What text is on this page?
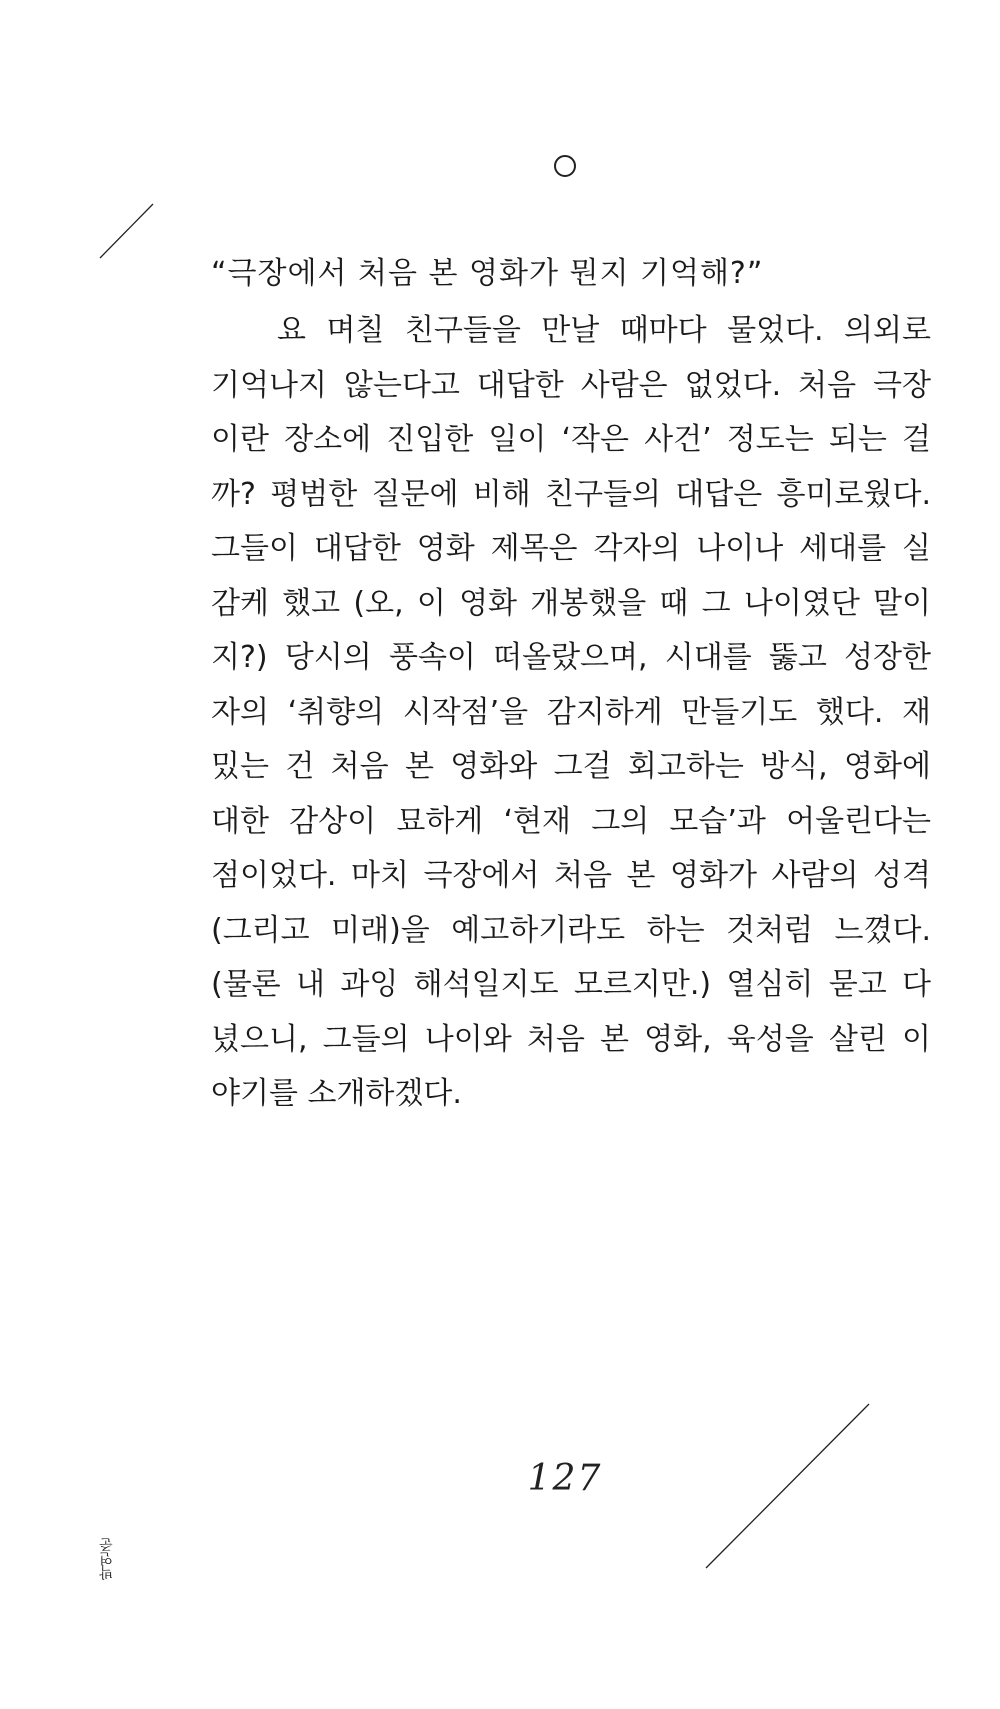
“극장에서 처음 본 영화가 뭔지 기억해?”
요 며칠 친구들을 만날 때마다 물었다. 의외로
기억나지 않는다고 대답한 사람은 없었다. 처음 극장
이란 장소에 진입한 일이 ‘작은 사건’ 정도는 되는 걸
까? 평범한 질문에 비해 친구들의 대답은 흥미로웠다.
그들이 대답한 영화 제목은 각자의 나이나 세대를 실
감케 했고 (오, 이 영화 개봉했을 때 그 나이였단 말이
지?) 당시의 풍속이 떠올랐으며, 시대를 뚫고 성장한
자의 ‘취향의 시작점’을 감지하게 만들기도 했다. 재
밌는 건 처음 본 영화와 그걸 회고하는 방식, 영화에
대한 감상이 묘하게 ‘현재 그의 모습’과 어울린다는
점이었다. 마치 극장에서 처음 본 영화가 사람의 성격
(그리고 미래)을 예고하기라도 하는 것처럼 느꼈다.
(물론 내 과잉 해석일지도 모르지만.) 열심히 묻고 다
녔으니, 그들의 나이와 처음 본 영화, 육성을 살린 이
야기를 소개하겠다.
127
박연준
